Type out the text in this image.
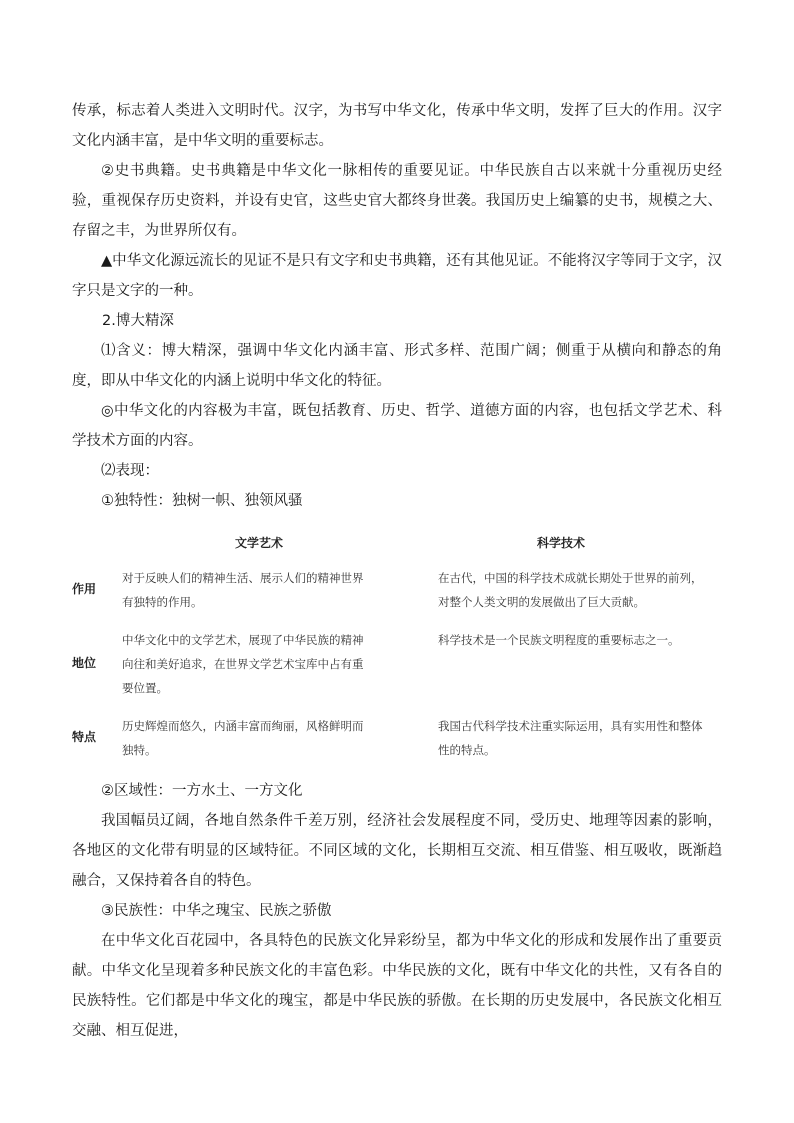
传承，标志着人类进入文明时代。汉字，为书写中华文化，传承中华文明，发挥了巨大的作用。汉字文化内涵丰富，是中华文明的重要标志。

②史书典籍。史书典籍是中华文化一脉相传的重要见证。中华民族自古以来就十分重视历史经验，重视保存历史资料，并设有史官，这些史官大都终身世袭。我国历史上编纂的史书，规模之大、存留之丰，为世界所仅有。

▲中华文化源远流长的见证不是只有文字和史书典籍，还有其他见证。不能将汉字等同于文字，汉字只是文字的一种。

2.博大精深

⑴含义：博大精深，强调中华文化内涵丰富、形式多样、范围广阔；侧重于从横向和静态的角度，即从中华文化的内涵上说明中华文化的特征。

◎中华文化的内容极为丰富，既包括教育、历史、哲学、道德方面的内容，也包括文学艺术、科学技术方面的内容。

⑵表现：

①独特性：独树一帜、独领风骚

	文学艺术	科学技术
作用	对于反映人们的精神生活、展示人们的精神世界有独特的作用。	在古代，中国的科学技术成就长期处于世界的前列，对整个人类文明的发展做出了巨大贡献。
地位	中华文化中的文学艺术，展现了中华民族的精神向往和美好追求，在世界文学艺术宝库中占有重要位置。	科学技术是一个民族文明程度的重要标志之一。
特点	历史辉煌而悠久，内涵丰富而绚丽，风格鲜明而独特。	我国古代科学技术注重实际运用，具有实用性和整体性的特点。

②区域性：一方水土、一方文化

我国幅员辽阔，各地自然条件千差万别，经济社会发展程度不同，受历史、地理等因素的影响，各地区的文化带有明显的区域特征。不同区域的文化，长期相互交流、相互借鉴、相互吸收，既渐趋融合，又保持着各自的特色。

③民族性：中华之瑰宝、民族之骄傲

在中华文化百花园中，各具特色的民族文化异彩纷呈，都为中华文化的形成和发展作出了重要贡献。中华文化呈现着多种民族文化的丰富色彩。中华民族的文化，既有中华文化的共性，又有各自的民族特性。它们都是中华文化的瑰宝，都是中华民族的骄傲。在长期的历史发展中，各民族文化相互交融、相互促进，
